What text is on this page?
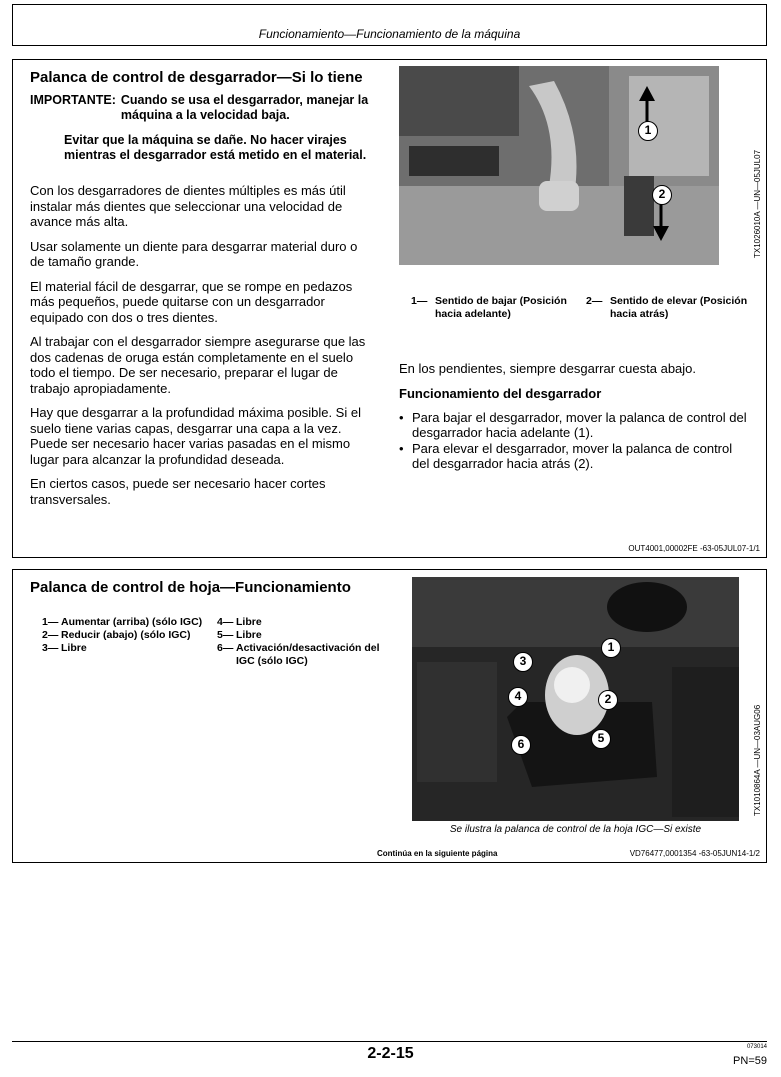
Funcionamiento—Funcionamiento de la máquina
Palanca de control de desgarrador—Si lo tiene
IMPORTANTE: Cuando se usa el desgarrador, manejar la máquina a la velocidad baja.

Evitar que la máquina se dañe. No hacer virajes mientras el desgarrador está metido en el material.

Con los desgarradores de dientes múltiples es más útil instalar más dientes que seleccionar una velocidad de avance más alta.

Usar solamente un diente para desgarrar material duro o de tamaño grande.

El material fácil de desgarrar, que se rompe en pedazos más pequeños, puede quitarse con un desgarrador equipado con dos o tres dientes.

Al trabajar con el desgarrador siempre asegurarse que las dos cadenas de oruga están completamente en el suelo todo el tiempo. De ser necesario, preparar el lugar de trabajo apropiadamente.

Hay que desgarrar a la profundidad máxima posible. Si el suelo tiene varias capas, desgarrar una capa a la vez. Puede ser necesario hacer varias pasadas en el mismo lugar para alcanzar la profundidad deseada.

En ciertos casos, puede ser necesario hacer cortes transversales.

1
2	TX1026010A —UN—05JUL07
1— Sentido de bajar (Posición hacia adelante)
2— Sentido de elevar (Posición hacia atrás)

En los pendientes, siempre desgarrar cuesta abajo.

Funcionamiento del desgarrador

• Para bajar el desgarrador, mover la palanca de control del desgarrador hacia adelante (1).
• Para elevar el desgarrador, mover la palanca de control del desgarrador hacia atrás (2).
OUT4001,00002FE -63-05JUL07-1/1
Palanca de control de hoja—Funcionamiento
1— Aumentar (arriba) (sólo IGC)
2— Reducir (abajo) (sólo IGC)
3— Libre
4— Libre
5— Libre
6— Activación/desactivación del IGC (sólo IGC)
1
2
3
4
5
6	TX1010864A —UN—03AUG06
Se ilustra la palanca de control de la hoja IGC—Si existe
Continúa en la siguiente página	VD76477,0001354 -63-05JUN14-1/2
2-2-15	073014
PN=59
